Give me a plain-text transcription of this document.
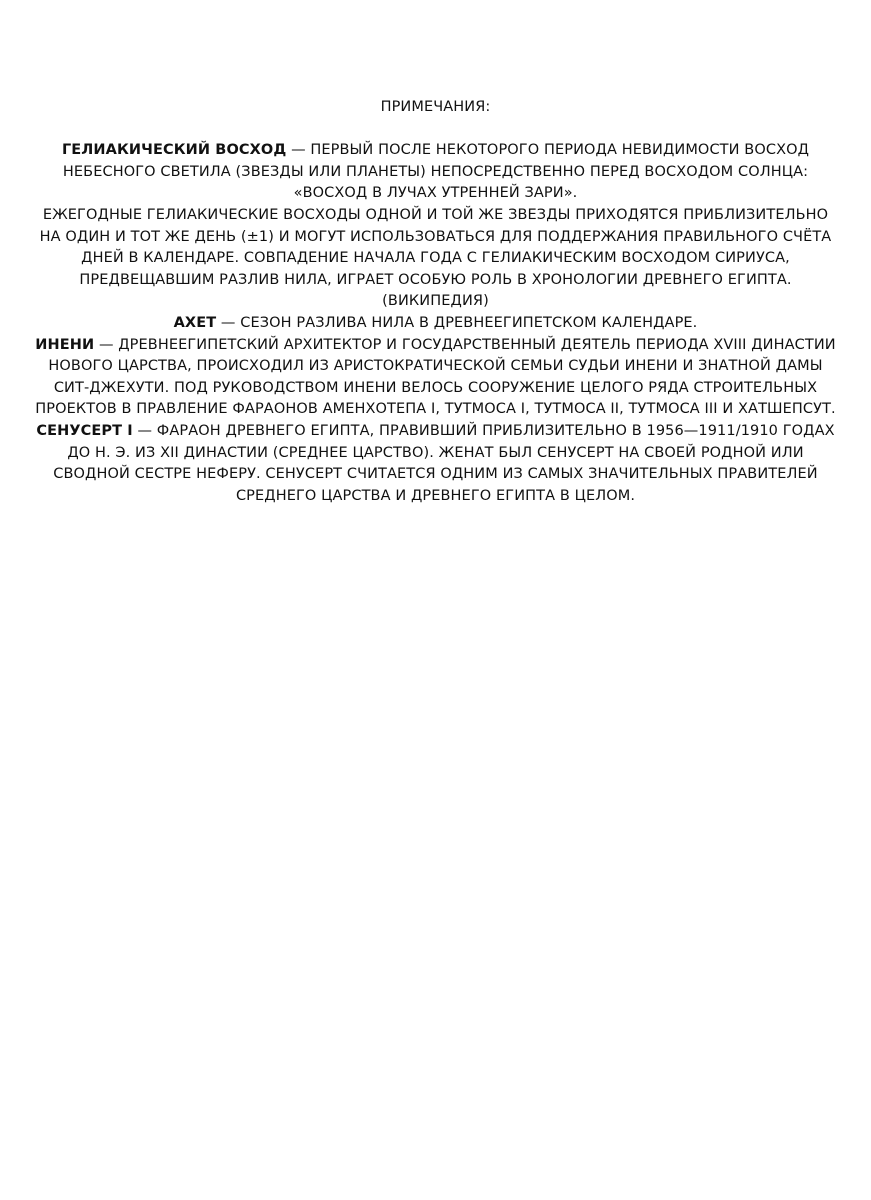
ПРИМЕЧАНИЯ:

ГЕЛИАКИЧЕСКИЙ ВОСХОД — ПЕРВЫЙ ПОСЛЕ НЕКОТОРОГО ПЕРИОДА НЕВИДИМОСТИ ВОСХОД НЕБЕСНОГО СВЕТИЛА (ЗВЕЗДЫ ИЛИ ПЛАНЕТЫ) НЕПОСРЕДСТВЕННО ПЕРЕД ВОСХОДОМ СОЛНЦА: «ВОСХОД В ЛУЧАХ УТРЕННЕЙ ЗАРИ».

ЕЖЕГОДНЫЕ ГЕЛИАКИЧЕСКИЕ ВОСХОДЫ ОДНОЙ И ТОЙ ЖЕ ЗВЕЗДЫ ПРИХОДЯТСЯ ПРИБЛИЗИТЕЛЬНО НА ОДИН И ТОТ ЖЕ ДЕНЬ (±1) И МОГУТ ИСПОЛЬЗОВАТЬСЯ ДЛЯ ПОДДЕРЖАНИЯ ПРАВИЛЬНОГО СЧЁТА ДНЕЙ В КАЛЕНДАРЕ. СОВПАДЕНИЕ НАЧАЛА ГОДА С ГЕЛИАКИЧЕСКИМ ВОСХОДОМ СИРИУСА, ПРЕДВЕЩАВШИМ РАЗЛИВ НИЛА, ИГРАЕТ ОСОБУЮ РОЛЬ В ХРОНОЛОГИИ ДРЕВНЕГО ЕГИПТА.

(ВИКИПЕДИЯ)

АХЕТ — СЕЗОН РАЗЛИВА НИЛА В ДРЕВНЕЕГИПЕТСКОМ КАЛЕНДАРЕ.

ИНЕНИ — ДРЕВНЕЕГИПЕТСКИЙ АРХИТЕКТОР И ГОСУДАРСТВЕННЫЙ ДЕЯТЕЛЬ ПЕРИОДА XVIII ДИНАСТИИ НОВОГО ЦАРСТВА, ПРОИСХОДИЛ ИЗ АРИСТОКРАТИЧЕСКОЙ СЕМЬИ СУДЬИ ИНЕНИ И ЗНАТНОЙ ДАМЫ СИТ-ДЖЕХУТИ. ПОД РУКОВОДСТВОМ ИНЕНИ ВЕЛОСЬ СООРУЖЕНИЕ ЦЕЛОГО РЯДА СТРОИТЕЛЬНЫХ ПРОЕКТОВ В ПРАВЛЕНИЕ ФАРАОНОВ АМЕНХОТЕПА I, ТУТМОСА I, ТУТМОСА II, ТУТМОСА III И ХАТШЕПСУТ.

СЕНУСЕРТ I — ФАРАОН ДРЕВНЕГО ЕГИПТА, ПРАВИВШИЙ ПРИБЛИЗИТЕЛЬНО В 1956—1911/1910 ГОДАХ ДО Н. Э. ИЗ XII ДИНАСТИИ (СРЕДНЕЕ ЦАРСТВО). ЖЕНАТ БЫЛ СЕНУСЕРТ НА СВОЕЙ РОДНОЙ ИЛИ СВОДНОЙ СЕСТРЕ НЕФЕРУ. СЕНУСЕРТ СЧИТАЕТСЯ ОДНИМ ИЗ САМЫХ ЗНАЧИТЕЛЬНЫХ ПРАВИТЕЛЕЙ СРЕДНЕГО ЦАРСТВА И ДРЕВНЕГО ЕГИПТА В ЦЕЛОМ.
